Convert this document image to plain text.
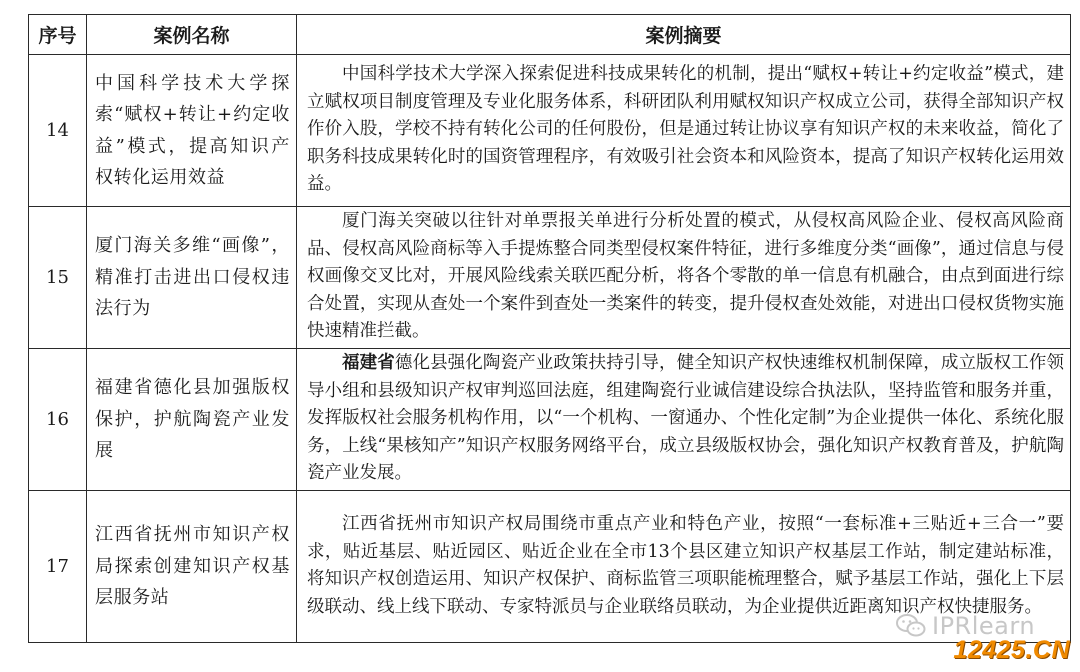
序号	案例名称	案例摘要
14	中国科学技术大学探索“赋权+转让+约定收益”模式，提高知识产权转化运用效益	中国科学技术大学深入探索促进科技成果转化的机制，提出“赋权+转让+约定收益”模式，建立赋权项目制度管理及专业化服务体系，科研团队利用赋权知识产权成立公司，获得全部知识产权作价入股，学校不持有转化公司的任何股份，但是通过转让协议享有知识产权的未来收益，简化了职务科技成果转化时的国资管理程序，有效吸引社会资本和风险资本，提高了知识产权转化运用效益。
15	厦门海关多维“画像”，精准打击进出口侵权违法行为	厦门海关突破以往针对单票报关单进行分析处置的模式，从侵权高风险企业、侵权高风险商品、侵权高风险商标等入手提炼整合同类型侵权案件特征，进行多维度分类“画像”，通过信息与侵权画像交叉比对，开展风险线索关联匹配分析，将各个零散的单一信息有机融合，由点到面进行综合处置，实现从查处一个案件到查处一类案件的转变，提升侵权查处效能，对进出口侵权货物实施快速精准拦截。
16	福建省德化县加强版权保护，护航陶瓷产业发展	福建省德化县强化陶瓷产业政策扶持引导，健全知识产权快速维权机制保障，成立版权工作领导小组和县级知识产权审判巡回法庭，组建陶瓷行业诚信建设综合执法队，坚持监管和服务并重，发挥版权社会服务机构作用，以“一个机构、一窗通办、个性化定制”为企业提供一体化、系统化服务，上线“果核知产”知识产权服务网络平台，成立县级版权协会，强化知识产权教育普及，护航陶瓷产业发展。
17	江西省抚州市知识产权局探索创建知识产权基层服务站	江西省抚州市知识产权局围绕市重点产业和特色产业，按照“一套标准+三贴近+三合一”要求，贴近基层、贴近园区、贴近企业在全市13个县区建立知识产权基层工作站，制定建站标准，将知识产权创造运用、知识产权保护、商标监管三项职能梳理整合，赋予基层工作站，强化上下层级联动、线上线下联动、专家特派员与企业联络员联动，为企业提供近距离知识产权快捷服务。
IPRlearn
12425.CN
